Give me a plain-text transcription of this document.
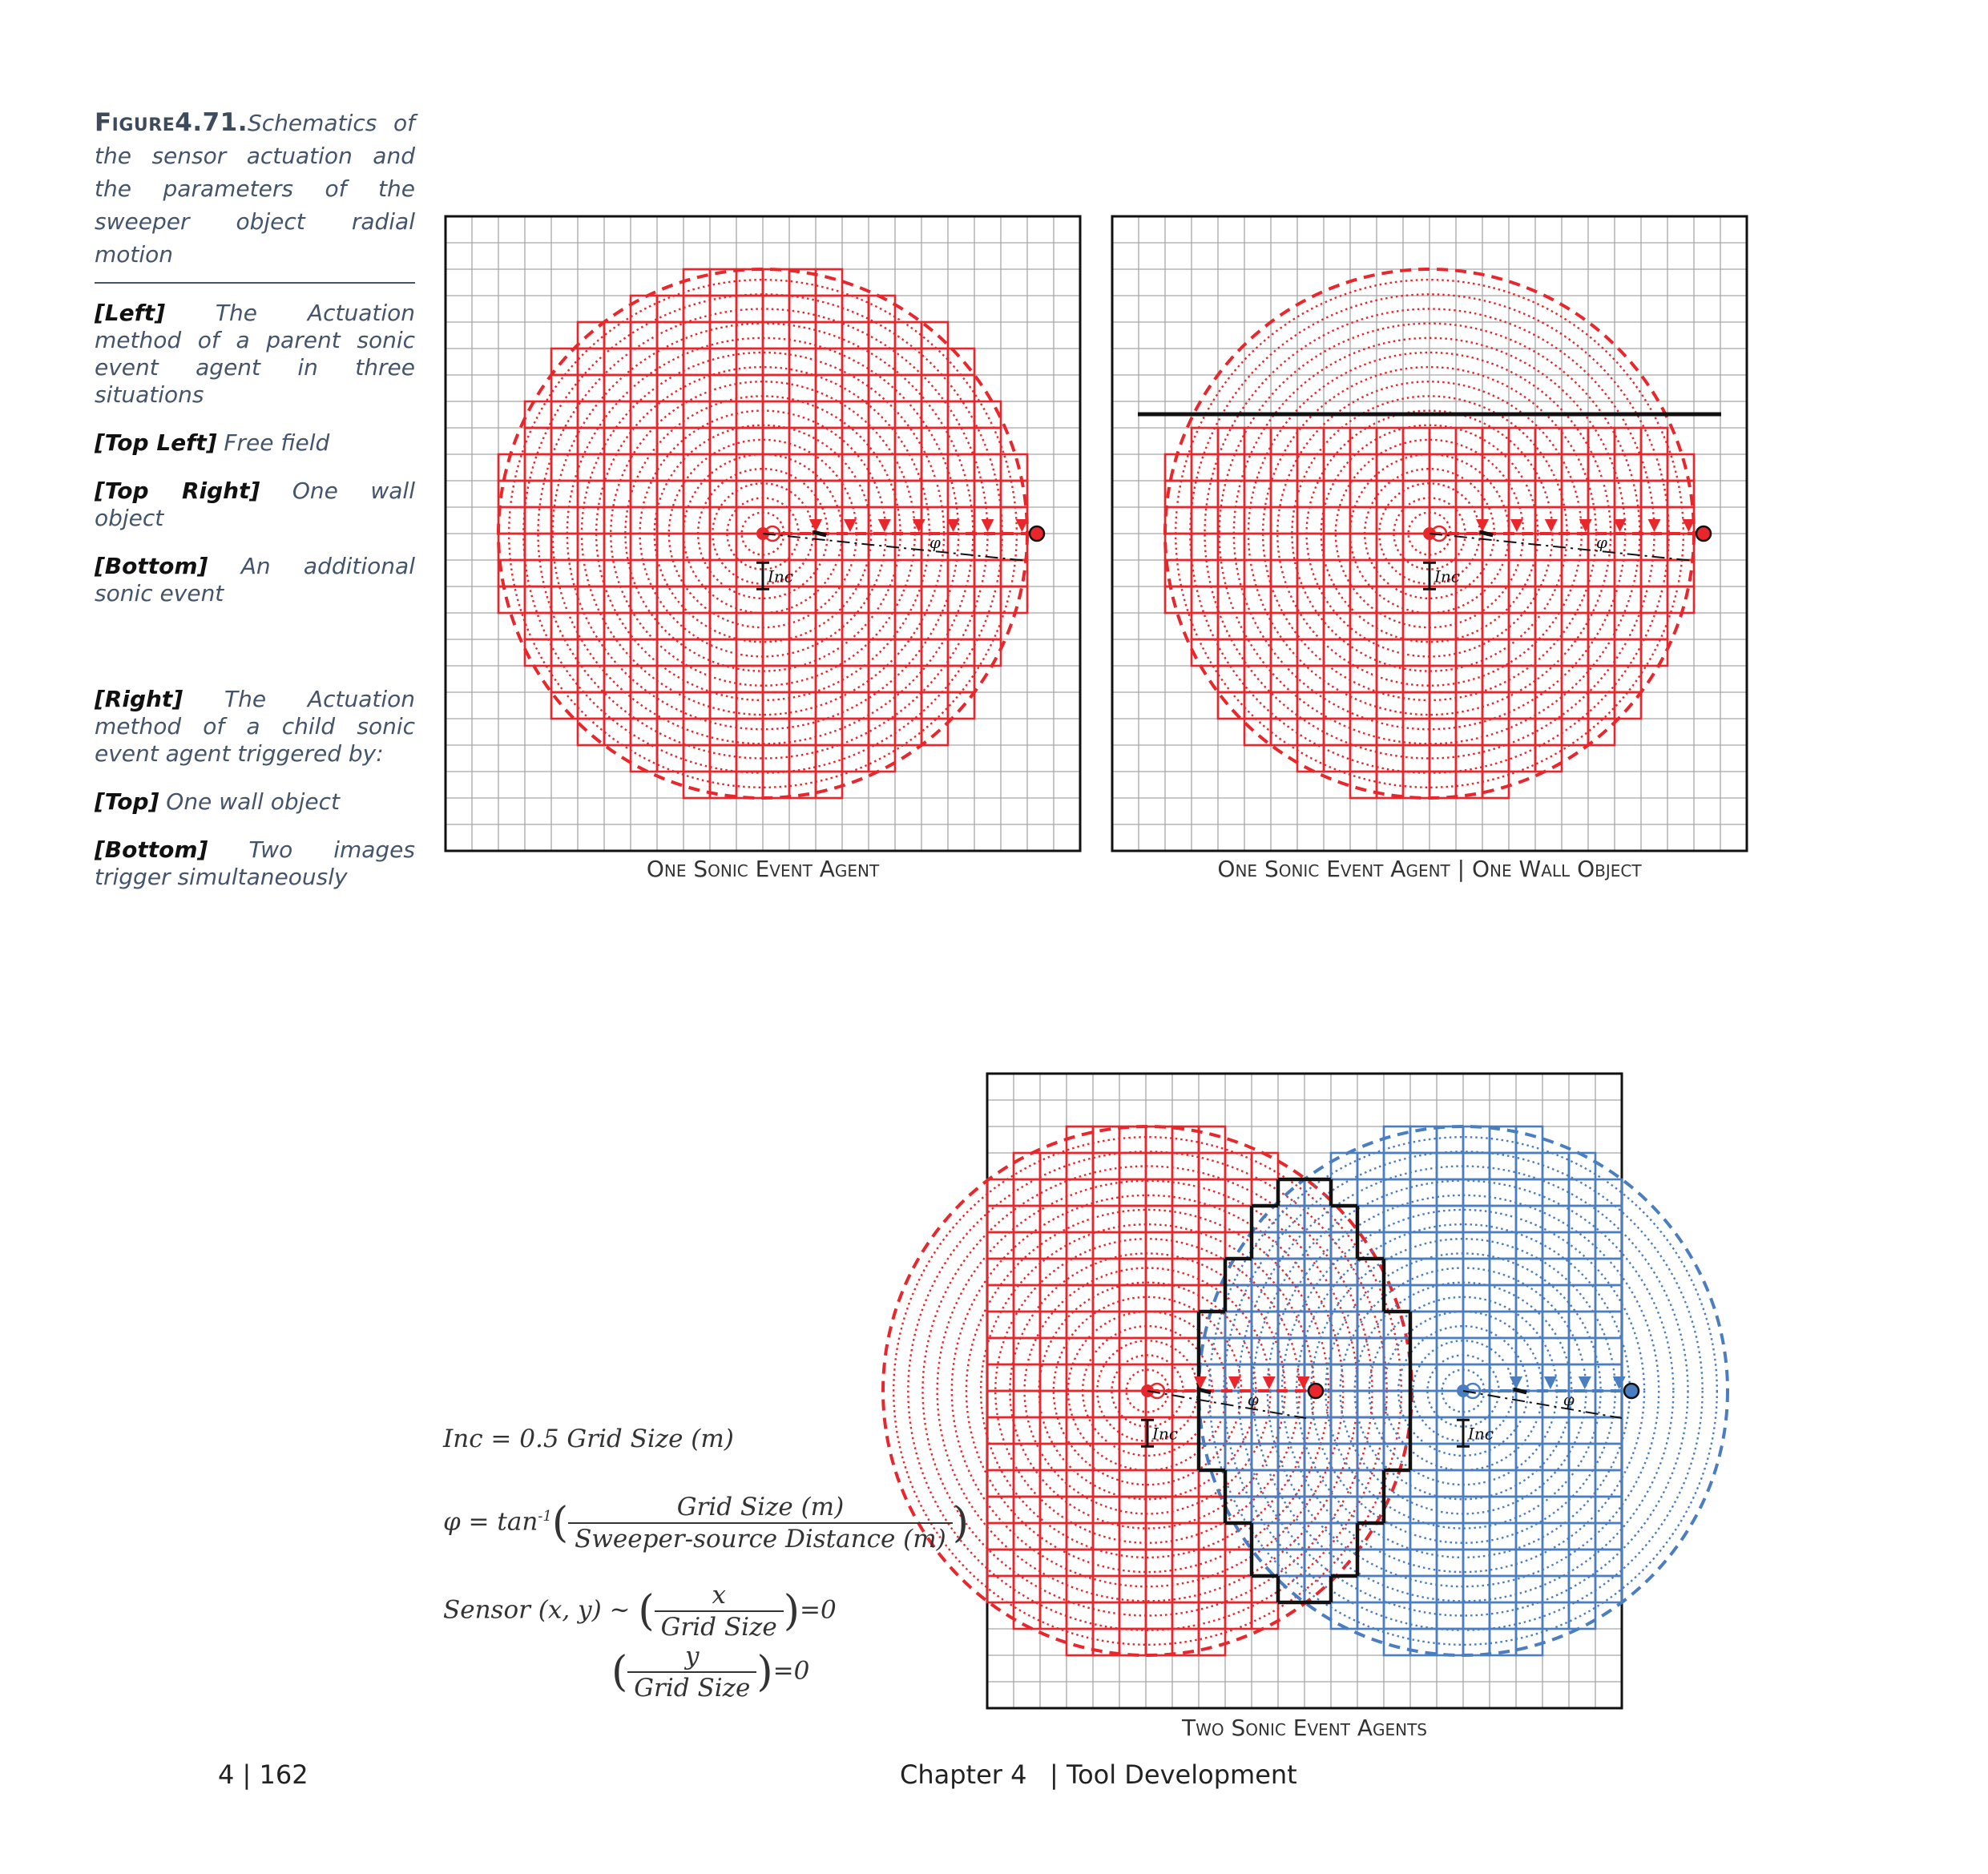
Figure4.71.Schematics of the sensor actuation and the parameters of the sweeper object radial motion
[Left] The Actuation method of a parent sonic event agent in three situations
[Top Left] Free field
[Top Right] One wall object
[Bottom] An additional sonic event
[Right] The Actuation method of a child sonic event agent triggered by:
[Top] One wall object
[Bottom] Two images trigger simultaneously
φ
Inc
One Sonic Event Agent
φ
Inc
One Sonic Event Agent | One Wall Object
φ
Inc
φ
Inc
Two Sonic Event Agents
Inc = 0.5 Grid Size (m)
$\varphi = \tan^{-1}( \frac{\text{Grid Size (m)}}{\text{Sweeper-source Distance (m)}}$ )
Sensor (x, y) ~ ( $\frac{x}{\text{Grid Size}} )=0$
( $\frac{y}{\text{Grid Size}} )=0$
4 | 162	Chapter 4 | Tool Development
